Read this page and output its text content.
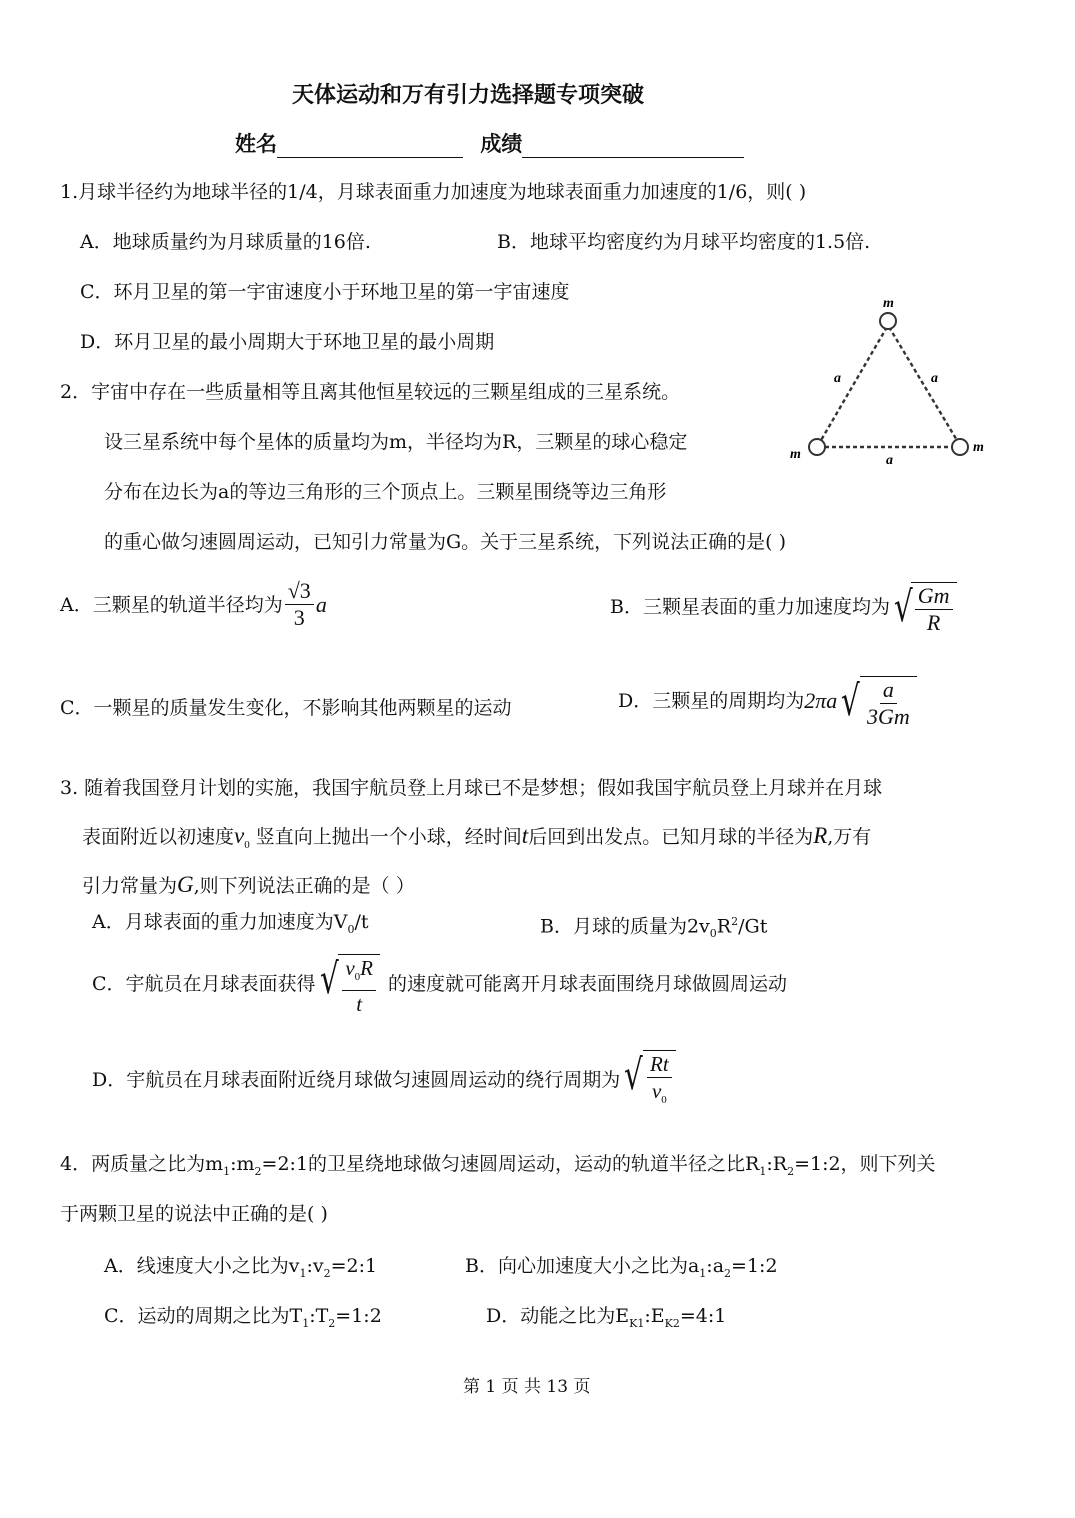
天体运动和万有引力选择题专项突破
姓名	成绩
1.月球半径约为地球半径的1/4，月球表面重力加速度为地球表面重力加速度的1/6，则( )
A．地球质量约为月球质量的16倍.	B．地球平均密度约为月球平均密度的1.5倍.
C．环月卫星的第一宇宙速度小于环地卫星的第一宇宙速度
D．环月卫星的最小周期大于环地卫星的最小周期
m
m	m
a	a
a
2．宇宙中存在一些质量相等且离其他恒星较远的三颗星组成的三星系统。
设三星系统中每个星体的质量均为m，半径均为R，三颗星的球心稳定
分布在边长为a的等边三角形的三个顶点上。三颗星围绕等边三角形
的重心做匀速圆周运动，已知引力常量为G。关于三星系统，下列说法正确的是( )
A．三颗星的轨道半径均为 $\frac{√3}{3}$ a	B．三颗星表面的重力加速度均为 √
$\frac{Gm}{R}$
C．一颗星的质量发生变化，不影响其他两颗星的运动	D．三颗星的周期均为 2πa √ $\frac{a}{3Gm}$
3. 随着我国登月计划的实施，我国宇航员登上月球已不是梦想；假如我国宇航员登上月球并在月球
表面附近以初速度$v_0$ 竖直向上抛出一个小球，经时间t后回到出发点。已知月球的半径为R,万有
引力常量为G,则下列说法正确的是（ ）
A．月球表面的重力加速度为$V_0/t$	B．月球的质量为$2v_0R^2/Gt$
C．宇航员在月球表面获得 √ $\frac{v_0R}{t}$ 的速度就可能离开月球表面围绕月球做圆周运动
D．宇航员在月球表面附近绕月球做匀速圆周运动的绕行周期为 √ $\frac{Rt}{v_0}$
4．两质量之比为$m_1:m_2=2:1$的卫星绕地球做匀速圆周运动，运动的轨道半径之比$R_1:R_2=1:2$，则下列关
于两颗卫星的说法中正确的是( )
A．线速度大小之比为$v_1:v_2=2:1$	B．向心加速度大小之比为$a_1:a_2=1:2$
C．运动的周期之比为$T_1:T_2=1:2$	D．动能之比为$E_{K1}:E_{K2}=4:1$
第 1 页 共 13 页
